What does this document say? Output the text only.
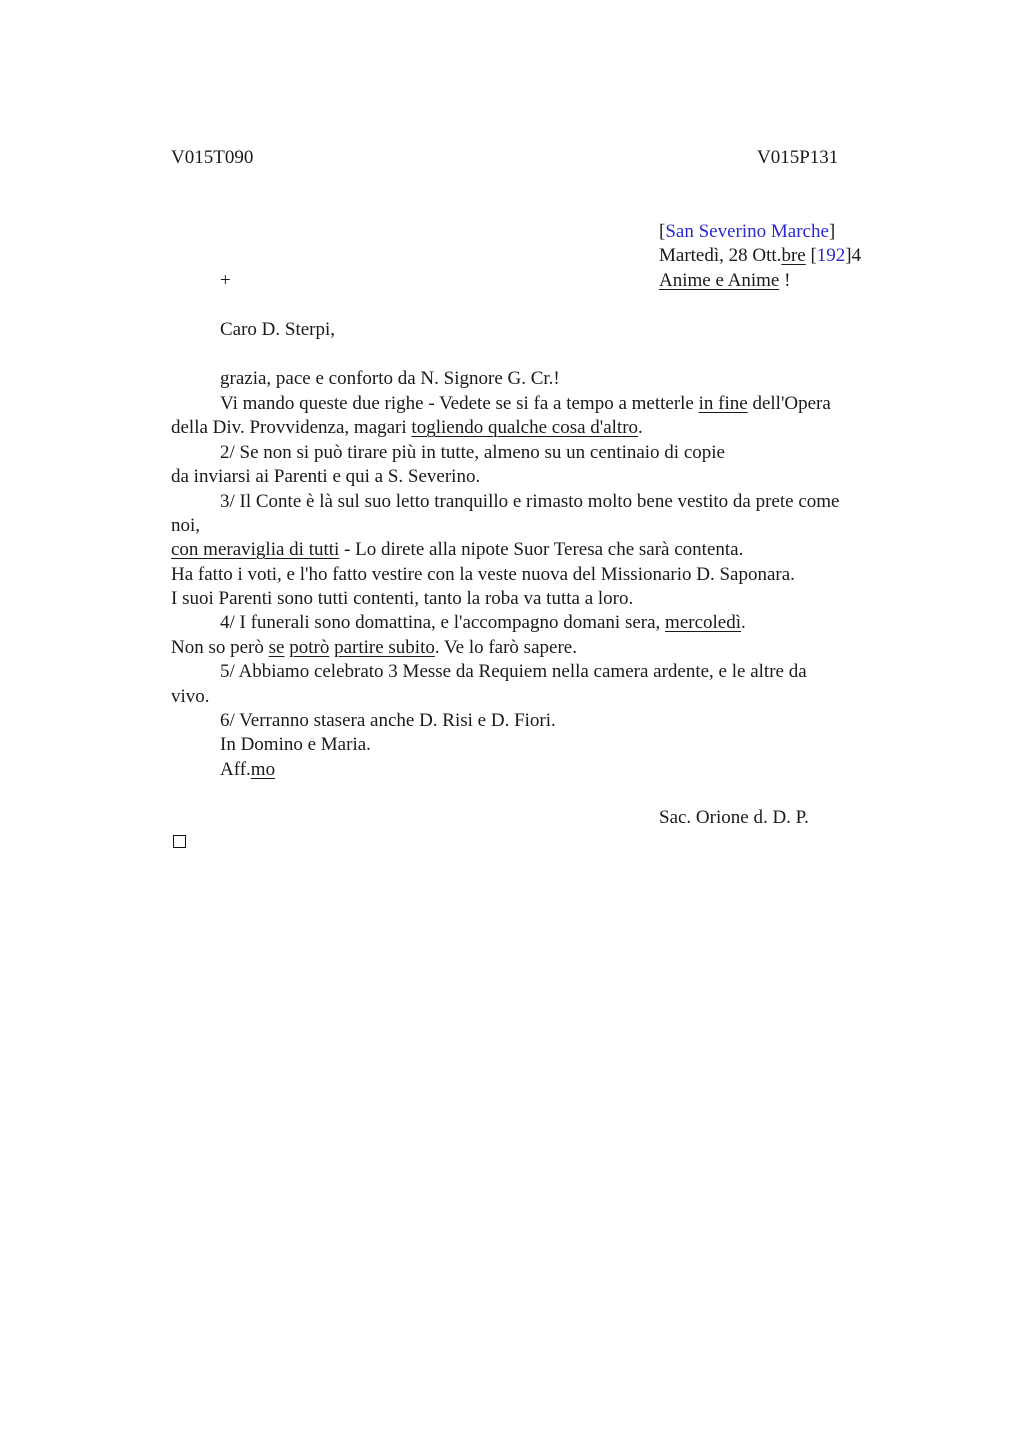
V015T090	V015P131
[San Severino Marche]
Martedì, 28 Ott.bre [192]4
Anime e Anime !
+
Caro D. Sterpi,
grazia, pace e conforto da N. Signore G. Cr.!
Vi mando queste due righe - Vedete se si fa a tempo a metterle in fine dell'Opera
della Div. Provvidenza, magari togliendo qualche cosa d'altro.
2/ Se non si può tirare più in tutte, almeno su un centinaio di copie
da inviarsi ai Parenti e qui a S. Severino.
3/ Il Conte è là sul suo letto tranquillo e rimasto molto bene vestito da prete come
noi,
con meraviglia di tutti - Lo direte alla nipote Suor Teresa che sarà contenta.
Ha fatto i voti, e l'ho fatto vestire con la veste nuova del Missionario D. Saponara.
I suoi Parenti sono tutti contenti, tanto la roba va tutta a loro.
4/ I funerali sono domattina, e l'accompagno domani sera, mercoledì.
Non so però se potrò partire subito. Ve lo farò sapere.
5/ Abbiamo celebrato 3 Messe da Requiem nella camera ardente, e le altre da
vivo.
6/ Verranno stasera anche D. Risi e D. Fiori.
In Domino e Maria.
Aff.mo
Sac. Orione d. D. P.
